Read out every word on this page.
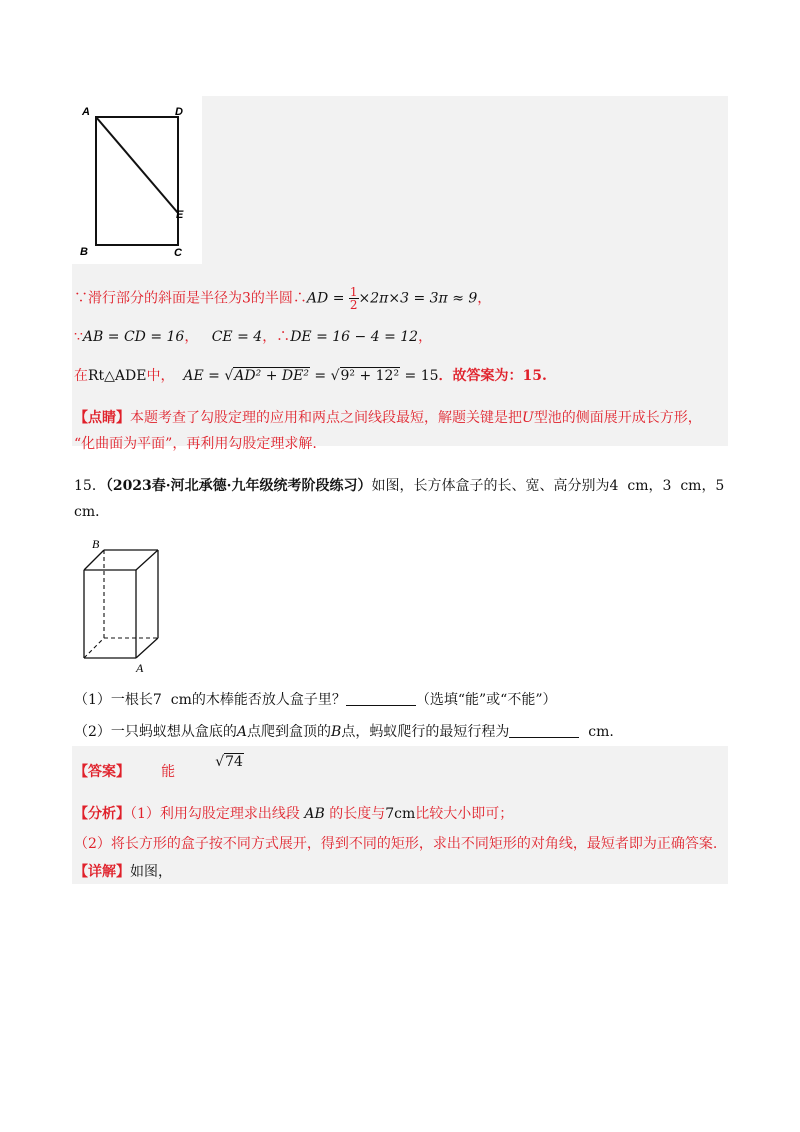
A	D
E
B	C
∵滑行部分的斜面是半径为3的半圆∴AD = $\frac{1}{2} \times 2\pi\times 3 = 3\pi \approx 9$，
∵AB = CD = 16， CE = 4，∴DE = 16 − 4 = 12，
在Rt△ADE中， AE = √AD² + DE² = √9² + 12² = 15．故答案为：15.
【点睛】本题考查了勾股定理的应用和两点之间线段最短，解题关键是把U型池的侧面展开成长方形，
“化曲面为平面”，再利用勾股定理求解.
15．（2023春·河北承德·九年级统考阶段练习）如图，长方体盒子的长、宽、高分别为4 cm，3 cm，5
cm．
B
A
（1）一根长7 cm的木棒能否放人盒子里？	（选填“能”或“不能”）
（2）一只蚂蚁想从盒底的A点爬到盒顶的B点，蚂蚁爬行的最短行程为	cm.
【答案】 能         √74
【分析】（1）利用勾股定理求出线段 AB 的长度与7cm比较大小即可；
（2）将长方形的盒子按不同方式展开，得到不同的矩形，求出不同矩形的对角线，最短者即为正确答案.
【详解】如图，
